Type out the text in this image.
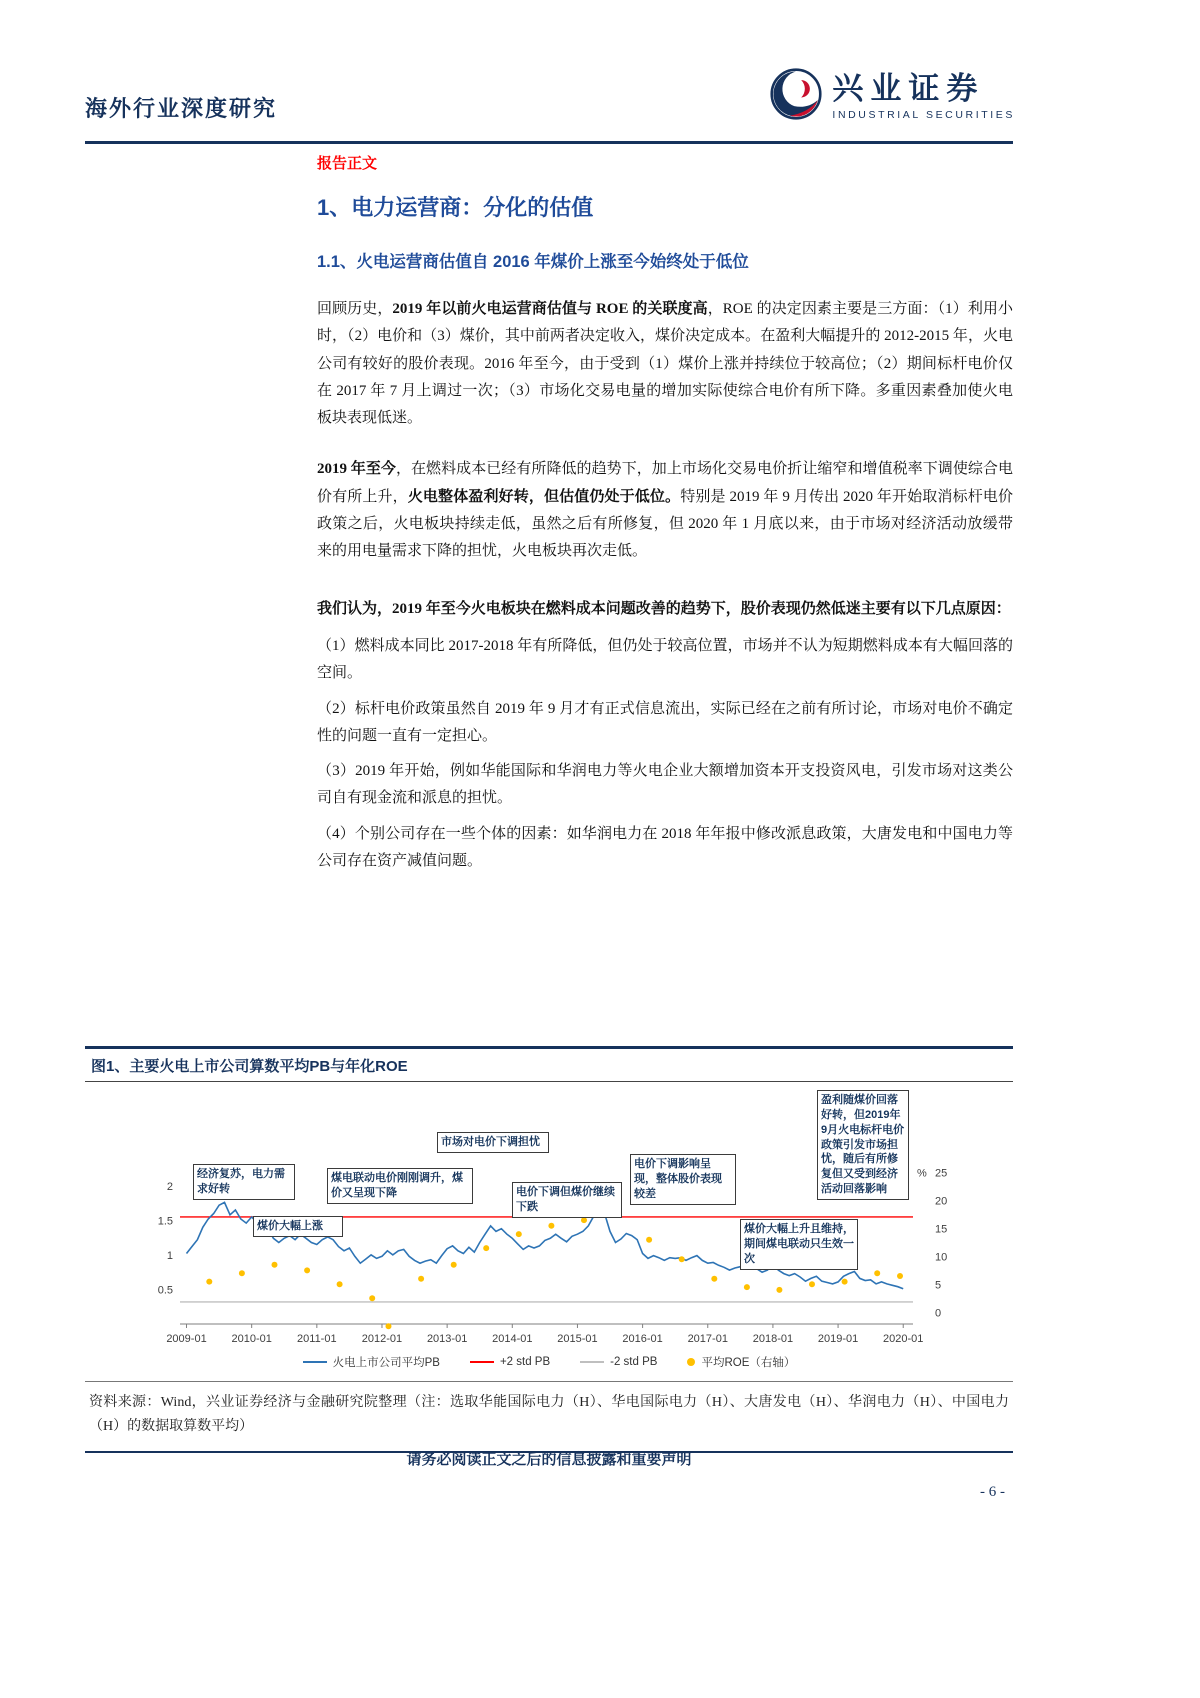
海外行业深度研究
兴业证券
INDUSTRIAL SECURITIES
报告正文
1、电力运营商：分化的估值
1.1、火电运营商估值自 2016 年煤价上涨至今始终处于低位

回顾历史，2019 年以前火电运营商估值与 ROE 的关联度高，ROE 的决定因素主要是三方面：（1）利用小时，（2）电价和（3）煤价，其中前两者决定收入，煤价决定成本。在盈利大幅提升的 2012-2015 年，火电公司有较好的股价表现。2016 年至今，由于受到（1）煤价上涨并持续位于较高位；（2）期间标杆电价仅在 2017 年 7 月上调过一次；（3）市场化交易电量的增加实际使综合电价有所下降。多重因素叠加使火电板块表现低迷。

2019 年至今，在燃料成本已经有所降低的趋势下，加上市场化交易电价折让缩窄和增值税率下调使综合电价有所上升，火电整体盈利好转，但估值仍处于低位。特别是 2019 年 9 月传出 2020 年开始取消标杆电价政策之后，火电板块持续走低，虽然之后有所修复，但 2020 年 1 月底以来，由于市场对经济活动放缓带来的用电量需求下降的担忧，火电板块再次走低。

我们认为，2019 年至今火电板块在燃料成本问题改善的趋势下，股价表现仍然低迷主要有以下几点原因：

（1）燃料成本同比 2017-2018 年有所降低，但仍处于较高位置，市场并不认为短期燃料成本有大幅回落的空间。

（2）标杆电价政策虽然自 2019 年 9 月才有正式信息流出，实际已经在之前有所讨论，市场对电价不确定性的问题一直有一定担心。

（3）2019 年开始，例如华能国际和华润电力等火电企业大额增加资本开支投资风电，引发市场对这类公司自有现金流和派息的担忧。

（4）个别公司存在一些个体的因素：如华润电力在 2018 年年报中修改派息政策，大唐发电和中国电力等公司存在资产减值问题。

图1、主要火电上市公司算数平均PB与年化ROE
2009-01 2010-01 2011-01 2012-01 2013-01 2014-01 2015-01 2016-01 2017-01 2018-01 2019-01 2020-01
0.5
1
1.5
2
0
5
10
15
20
25
%
经济复苏，电力需求好转
煤价大幅上涨
煤电联动电价刚刚调升，煤价又呈现下降
市场对电价下调担忧
电价下调但煤价继续下跌
电价下调影响呈现，整体股价表现较差
煤价大幅上升且维持，期间煤电联动只生效一次
盈利随煤价回落好转，但2019年9月火电标杆电价政策引发市场担忧，随后有所修复但又受到经济活动回落影响
火电上市公司平均PB	+2 std PB	-2 std PB	平均ROE（右轴）
资料来源：Wind，兴业证券经济与金融研究院整理（注：选取华能国际电力（H）、华电国际电力（H）、大唐发电（H）、华润电力（H）、中国电力（H）的数据取算数平均）
请务必阅读正文之后的信息披露和重要声明
- 6 -
